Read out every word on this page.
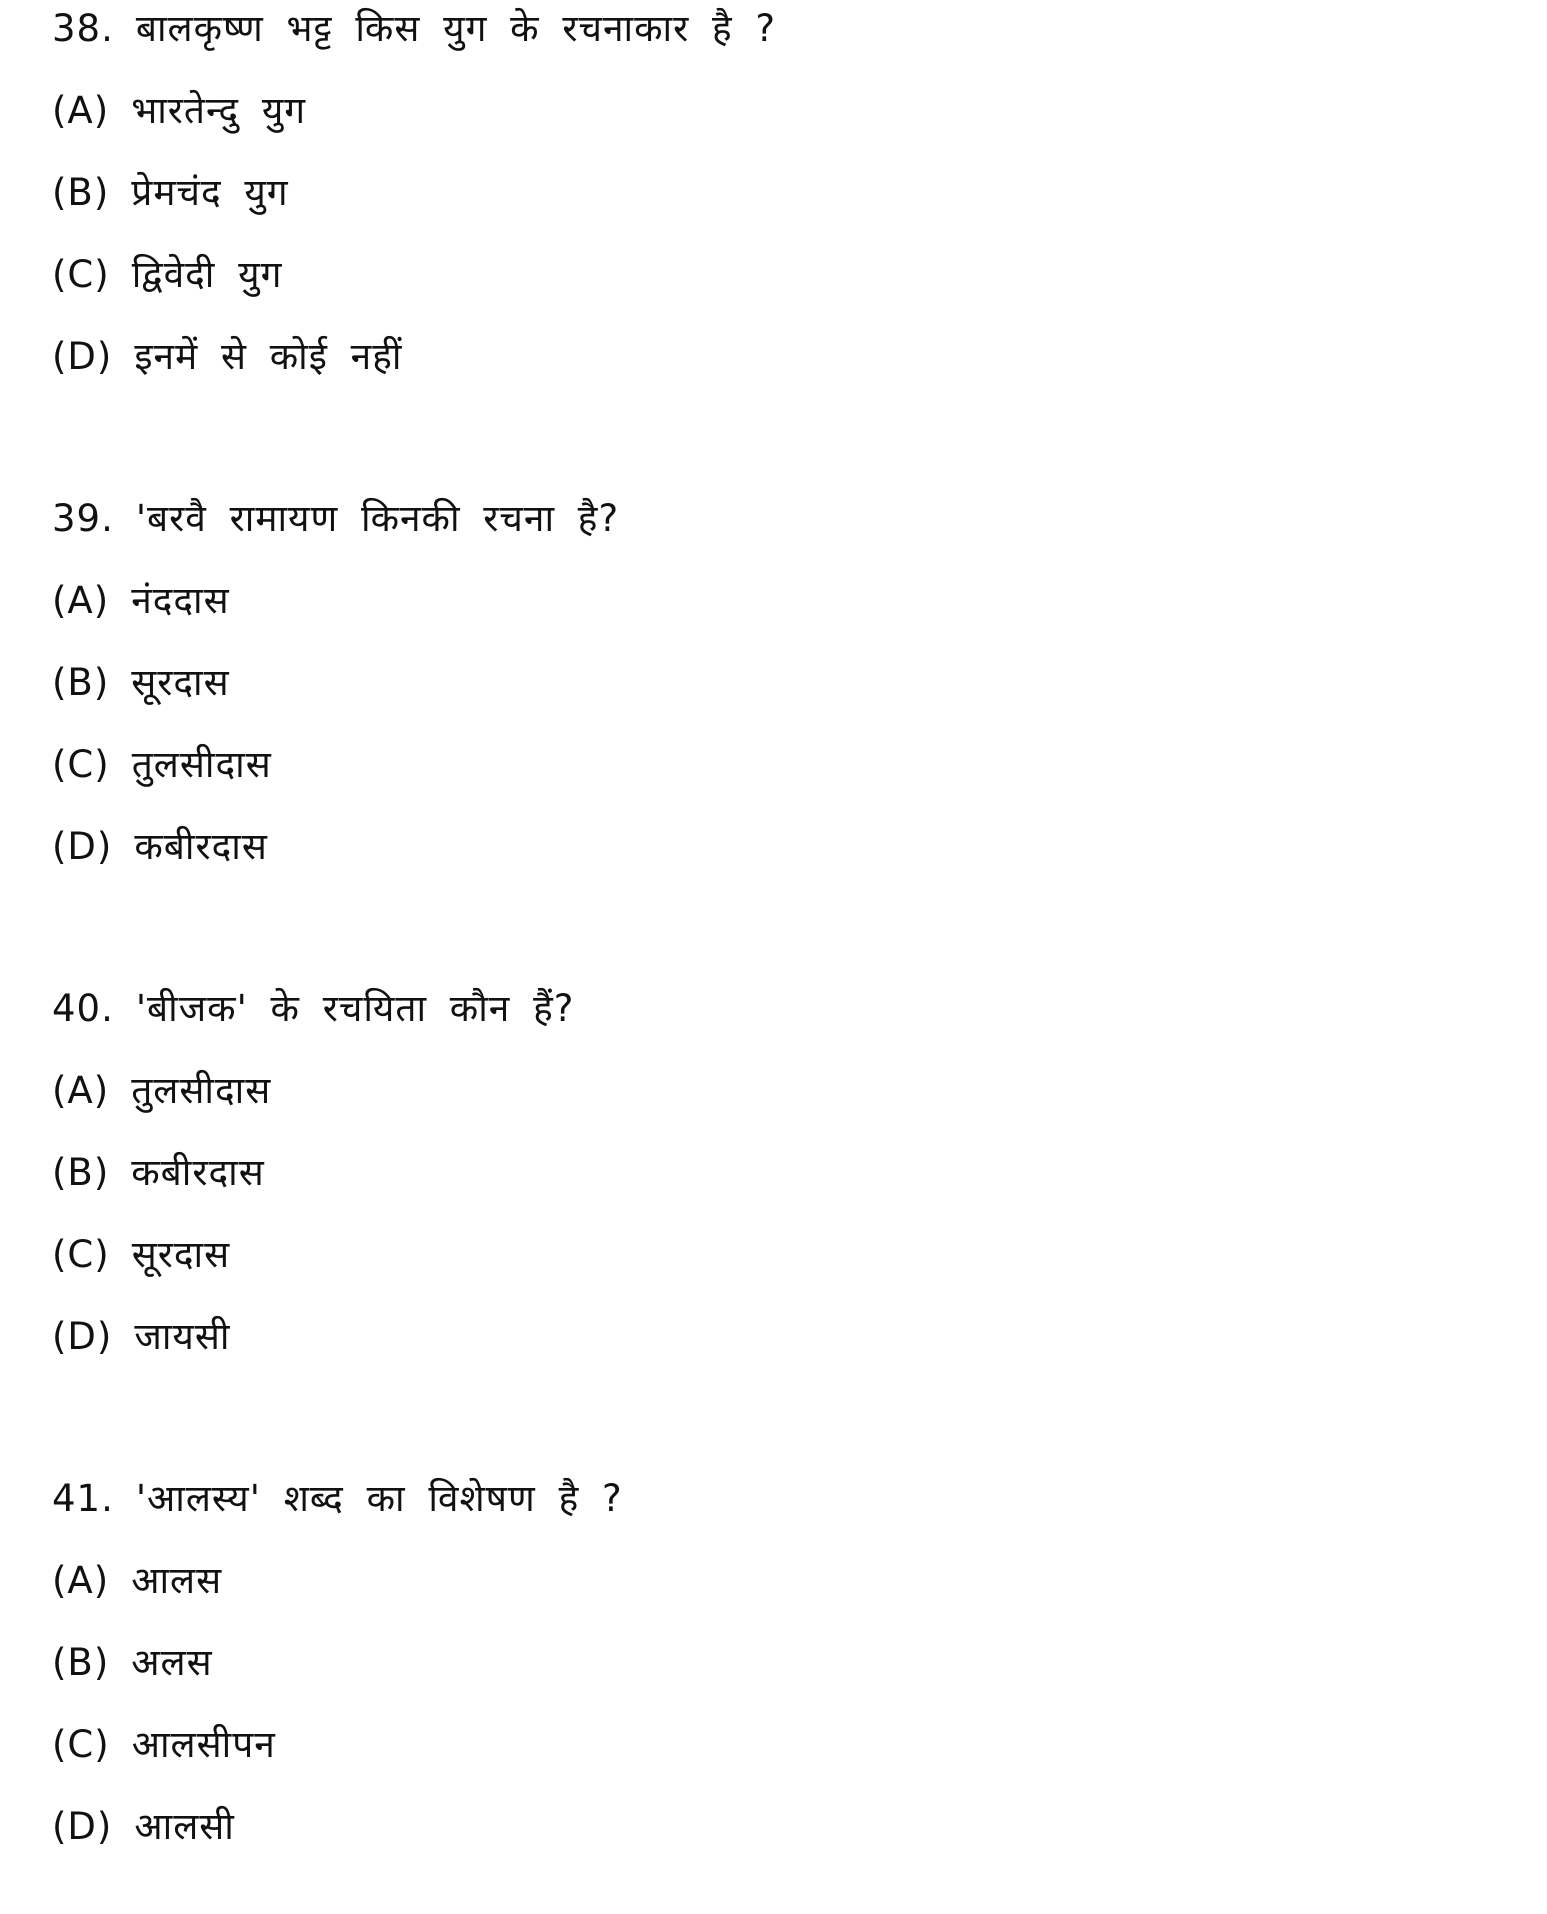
38. बालकृष्ण भट्ट किस युग के रचनाकार है ?
(A) भारतेन्दु युग
(B) प्रेमचंद युग
(C) द्विवेदी युग
(D) इनमें से कोई नहीं
39. 'बरवै रामायण किनकी रचना है?
(A) नंददास
(B) सूरदास
(C) तुलसीदास
(D) कबीरदास
40. 'बीजक' के रचयिता कौन हैं?
(A) तुलसीदास
(B) कबीरदास
(C) सूरदास
(D) जायसी
41. 'आलस्य' शब्द का विशेषण है ?
(A) आलस
(B) अलस
(C) आलसीपन
(D) आलसी
